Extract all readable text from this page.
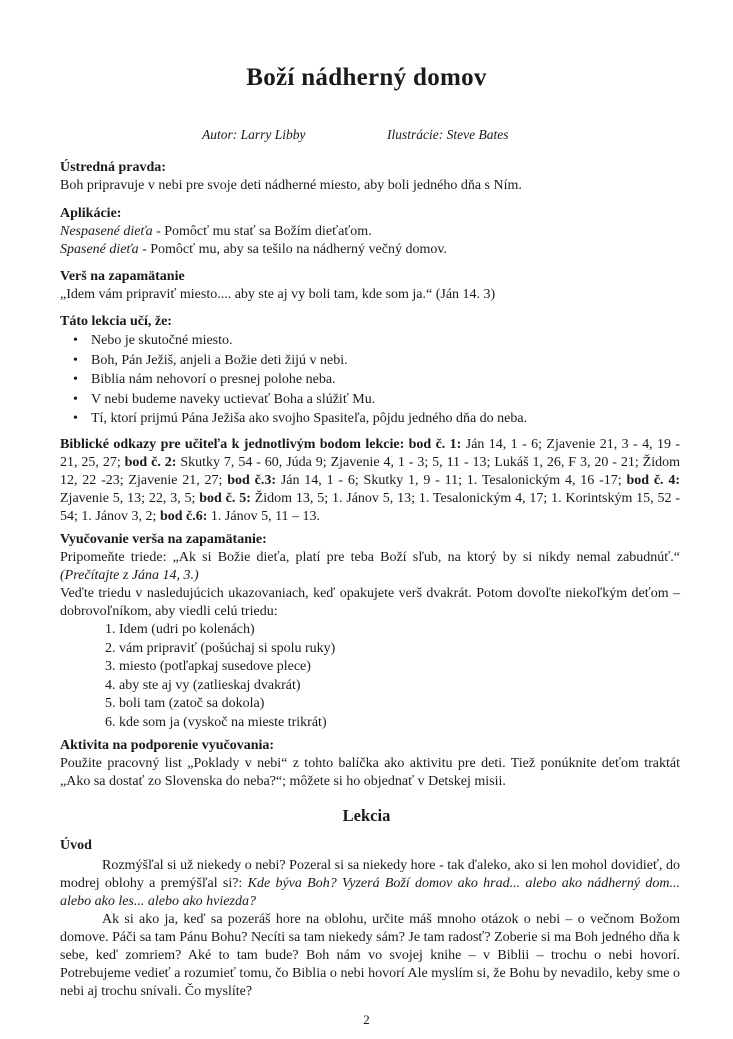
Boží nádherný domov
Autor: Larry Libby	Ilustrácie: Steve Bates
Ústredná pravda:
Boh pripravuje v nebi pre svoje deti nádherné miesto, aby boli jedného dňa s Ním.
Aplikácie:
Nespasené dieťa - Pomôcť mu stať sa Božím dieťaťom.
Spasené dieťa - Pomôcť mu, aby sa tešilo na nádherný večný domov.
Verš na zapamätanie
„Idem vám pripraviť miesto.... aby ste aj vy boli tam, kde som ja.“ (Ján 14. 3)
Táto lekcia učí, že:
• Nebo je skutočné miesto.
• Boh, Pán Ježiš, anjeli a Božie deti žijú v nebi.
• Biblia nám nehovorí o presnej polohe neba.
• V nebi budeme naveky uctievať Boha a slúžiť Mu.
• Tí, ktorí prijmú Pána Ježiša ako svojho Spasiteľa, pôjdu jedného dňa do neba.
Biblické odkazy pre učiteľa k jednotlivým bodom lekcie: bod č. 1: Ján 14, 1 - 6; Zjavenie 21, 3 - 4, 19 - 21, 25, 27; bod č. 2: Skutky 7, 54 - 60, Júda 9; Zjavenie 4, 1 - 3; 5, 11 - 13; Lukáš 1, 26, F 3, 20 - 21; Židom 12, 22 -23; Zjavenie 21, 27; bod č.3: Ján 14, 1 - 6; Skutky 1, 9 - 11; 1. Tesalonickým 4, 16 -17; bod č. 4: Zjavenie 5, 13; 22, 3, 5; bod č. 5: Židom 13, 5; 1. Jánov 5, 13; 1. Tesalonickým 4, 17; 1. Korintským 15, 52 - 54; 1. Jánov 3, 2; bod č.6: 1. Jánov 5, 11 – 13.
Vyučovanie verša na zapamätanie:
Pripomeňte triede: „Ak si Božie dieťa, platí pre teba Boží sľub, na ktorý by si nikdy nemal zabudnúť.“ (Prečítajte z Jána 14, 3.)
Veďte triedu v nasledujúcich ukazovaniach, keď opakujete verš dvakrát. Potom dovoľte niekoľkým deťom – dobrovoľníkom, aby viedli celú triedu:
1. Idem (udri po kolenách)
2. vám pripraviť (pošúchaj si spolu ruky)
3. miesto (potľapkaj susedove plece)
4. aby ste aj vy (zatlieskaj dvakrát)
5. boli tam (zatoč sa dokola)
6. kde som ja (vyskoč na mieste trikrát)
Aktivita na podporenie vyučovania:
Použite pracovný list „Poklady v nebi“ z tohto balíčka ako aktivitu pre deti. Tiež ponúknite deťom traktát „Ako sa dostať zo Slovenska do neba?“; môžete si ho objednať v Detskej misii.
Lekcia
Úvod
Rozmýšľal si už niekedy o nebi? Pozeral si sa niekedy hore - tak ďaleko, ako si len mohol dovidieť, do modrej oblohy a premýšľal si?: Kde býva Boh? Vyzerá Boží domov ako hrad... alebo ako nádherný dom... alebo ako les... alebo ako hviezda?
Ak si ako ja, keď sa pozeráš hore na oblohu, určite máš mnoho otázok o nebi – o večnom Božom domove. Páči sa tam Pánu Bohu? Necíti sa tam niekedy sám? Je tam radosť? Zoberie si ma Boh jedného dňa k sebe, keď zomriem? Aké to tam bude? Boh nám vo svojej knihe – v Biblii – trochu o nebi hovorí. Potrebujeme vedieť a rozumieť tomu, čo Biblia o nebi hovorí Ale myslím si, že Bohu by nevadilo, keby sme o nebi aj trochu snívali. Čo myslíte?
2
